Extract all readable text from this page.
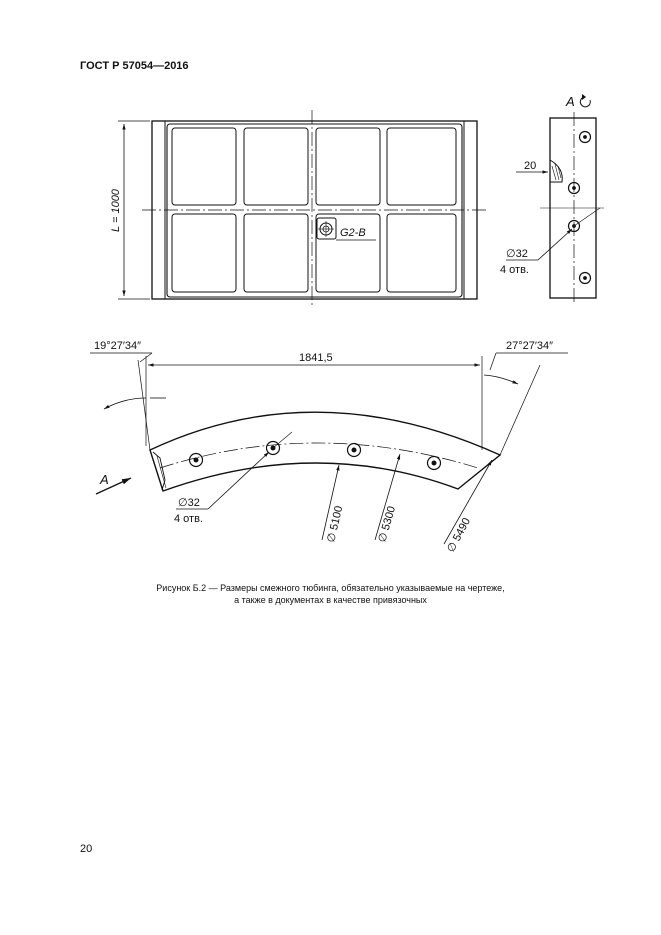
ГОСТ Р 57054—2016
L = 1000
G2-B
А
20
∅32
4 отв.
1841,5
19°27′34″	27°27′34″
А
∅32
4 отв.	∅ 5100	∅ 5300	∅ 5490
Рисунок Б.2 — Размеры смежного тюбинга, обязательно указываемые на чертеже,
а также в документах в качестве привязочных
20
